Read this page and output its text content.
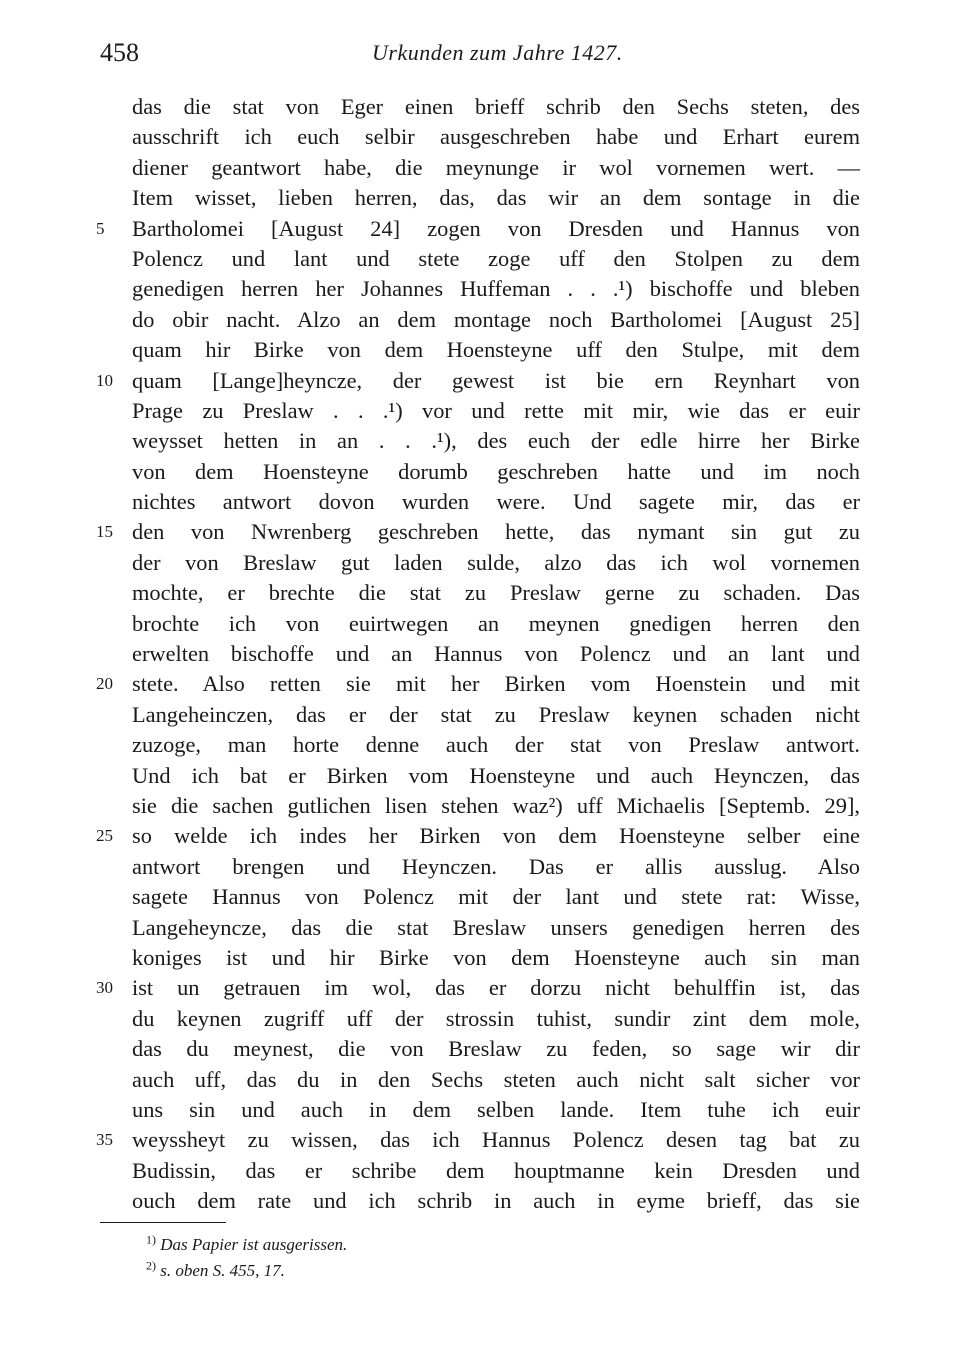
458	Urkunden zum Jahre 1427.
das die stat von Eger einen brieff schrib den Sechs steten, des
ausschrift ich euch selbir ausgeschreben habe und Erhart eurem
diener geantwort habe, die meynunge ir wol vornemen wert. —
Item wisset, lieben herren, das, das wir an dem sontage in die
5	Bartholomei [August 24] zogen von Dresden und Hannus von
Polencz und lant und stete zoge uff den Stolpen zu dem
genedigen herren her Johannes Huffeman . . .¹) bischoffe und bleben
do obir nacht. Alzo an dem montage noch Bartholomei [August 25]
quam hir Birke von dem Hoensteyne uff den Stulpe, mit dem
10 quam [Lange]heyncze, der gewest ist bie ern Reynhart von
Prage zu Preslaw . . .¹) vor und rette mit mir, wie das er euir
weysset hetten in an . . .¹), des euch der edle hirre her Birke
von dem Hoensteyne dorumb geschreben hatte und im noch
nichtes antwort dovon wurden were. Und sagete mir, das er
15 den von Nwrenberg geschreben hette, das nymant sin gut zu
der von Breslaw gut laden sulde, alzo das ich wol vornemen
mochte, er brechte die stat zu Preslaw gerne zu schaden. Das
brochte ich von euirtwegen an meynen gnedigen herren den
erwelten bischoffe und an Hannus von Polencz und an lant und
20 stete. Also retten sie mit her Birken vom Hoenstein und mit
Langeheinczen, das er der stat zu Preslaw keynen schaden nicht
zuzoge, man horte denne auch der stat von Preslaw antwort.
Und ich bat er Birken vom Hoensteyne und auch Heynczen, das
sie die sachen gutlichen lisen stehen waz²) uff Michaelis [Septemb. 29],
25 so welde ich indes her Birken von dem Hoensteyne selber eine
antwort brengen und Heynczen. Das er allis ausslug. Also
sagete Hannus von Polencz mit der lant und stete rat: Wisse,
Langeheyncze, das die stat Breslaw unsers genedigen herren des
koniges ist und hir Birke von dem Hoensteyne auch sin man
30 ist un getrauen im wol, das er dorzu nicht behulffin ist, das
du keynen zugriff uff der strossin tuhist, sundir zint dem mole,
das du meynest, die von Breslaw zu feden, so sage wir dir
auch uff, das du in den Sechs steten auch nicht salt sicher vor
uns sin und auch in dem selben lande. Item tuhe ich euir
35 weyssheyt zu wissen, das ich Hannus Polencz desen tag bat zu
Budissin, das er schribe dem houptmanne kein Dresden und
ouch dem rate und ich schrib in auch in eyme brieff, das sie
$^{1)}$ Das Papier ist ausgerissen.
$^{2)}$ s. oben S. 455, 17.
